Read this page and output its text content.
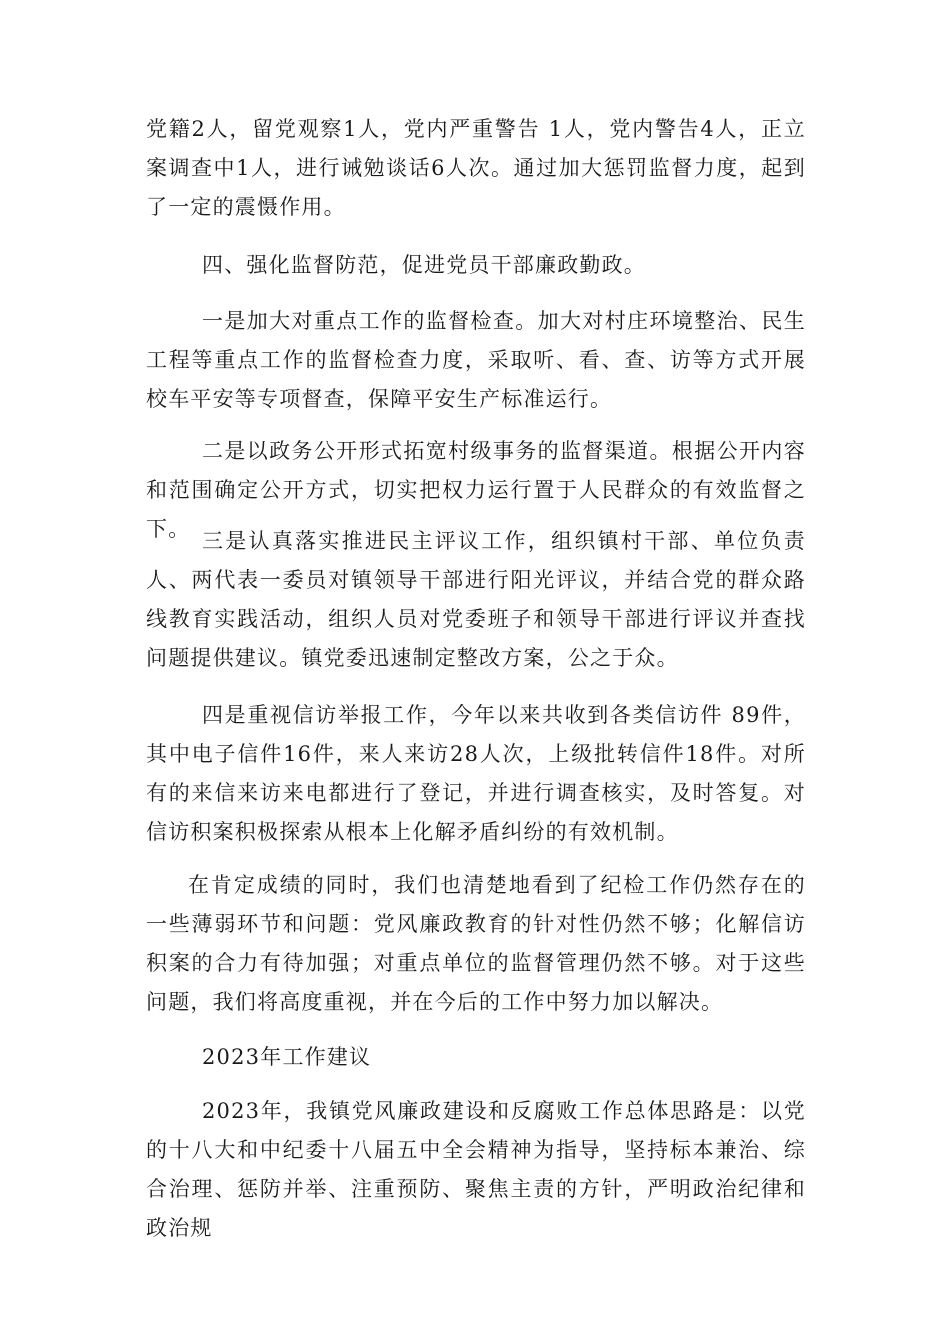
党籍2人，留党观察1人，党内严重警告 1人，党内警告4人，正立案调查中1人，进行诫勉谈话6人次。通过加大惩罚监督力度，起到了一定的震慑作用。

四、强化监督防范，促进党员干部廉政勤政。

一是加大对重点工作的监督检查。加大对村庄环境整治、民生工程等重点工作的监督检查力度，采取听、看、查、访等方式开展校车平安等专项督查，保障平安生产标准运行。

二是以政务公开形式拓宽村级事务的监督渠道。根据公开内容和范围确定公开方式，切实把权力运行置于人民群众的有效监督之下。 三是认真落实推进民主评议工作，组织镇村干部、单位负责人、两代表一委员对镇领导干部进行阳光评议，并结合党的群众路线教育实践活动，组织人员对党委班子和领导干部进行评议并查找问题提供建议。镇党委迅速制定整改方案，公之于众。

四是重视信访举报工作，今年以来共收到各类信访件 89件，其中电子信件16件，来人来访28人次，上级批转信件18件。对所有的来信来访来电都进行了登记，并进行调查核实，及时答复。对信访积案积极探索从根本上化解矛盾纠纷的有效机制。

在肯定成绩的同时，我们也清楚地看到了纪检工作仍然存在的一些薄弱环节和问题：党风廉政教育的针对性仍然不够；化解信访积案的合力有待加强；对重点单位的监督管理仍然不够。对于这些问题，我们将高度重视，并在今后的工作中努力加以解决。

2023年工作建议

2023年，我镇党风廉政建设和反腐败工作总体思路是：以党的十八大和中纪委十八届五中全会精神为指导，坚持标本兼治、综合治理、惩防并举、注重预防、聚焦主责的方针，严明政治纪律和政治规
